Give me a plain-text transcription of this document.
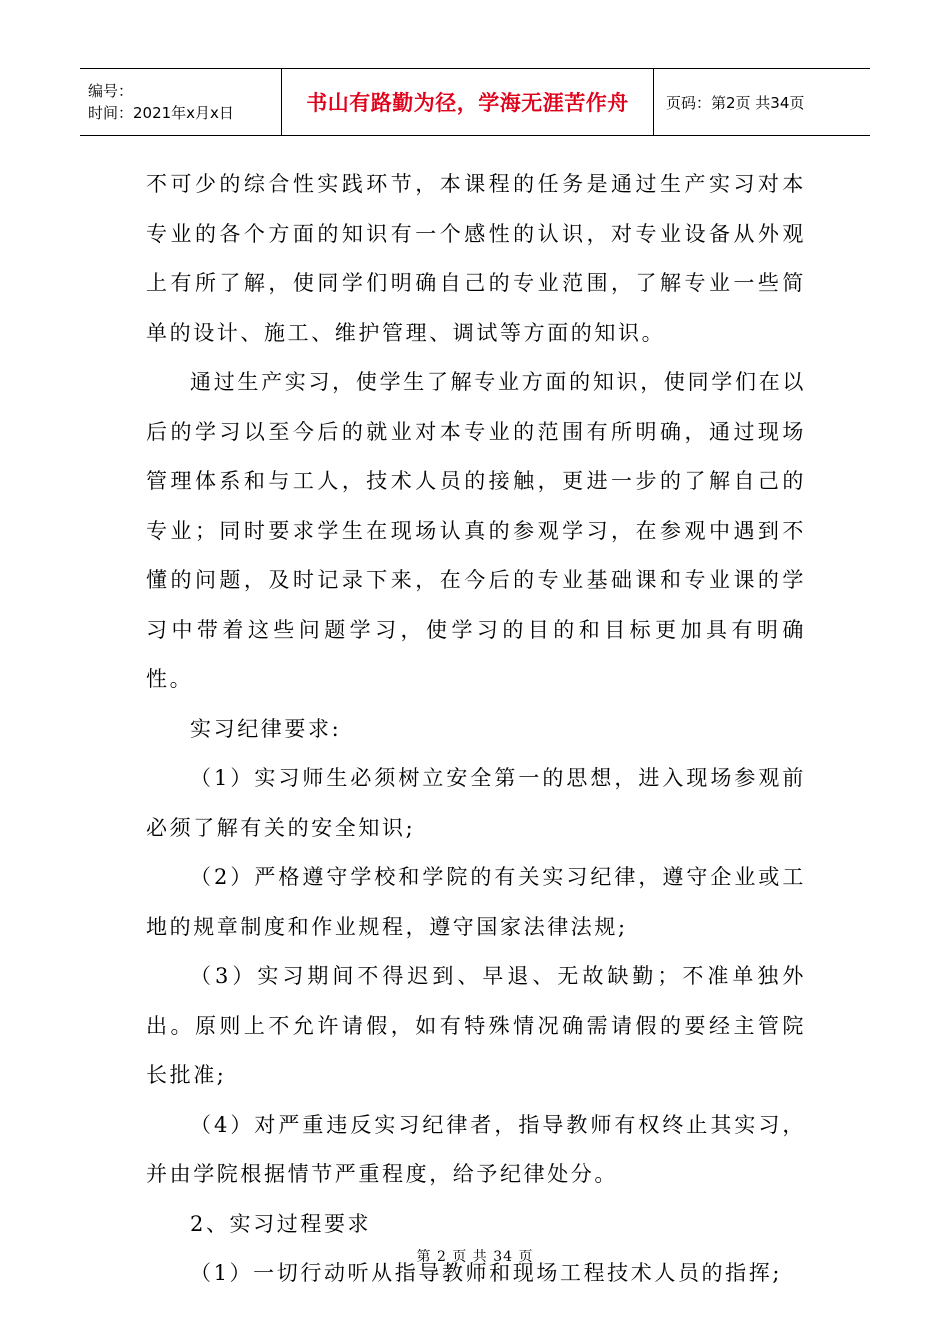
编号：
时间：2021年x月x日	书山有路勤为径，学海无涯苦作舟 页码：第2页 共34页

不可少的综合性实践环节，本课程的任务是通过生产实习对本专业的各个方面的知识有一个感性的认识，对专业设备从外观上有所了解，使同学们明确自己的专业范围，了解专业一些简单的设计、施工、维护管理、调试等方面的知识。

通过生产实习，使学生了解专业方面的知识，使同学们在以后的学习以至今后的就业对本专业的范围有所明确，通过现场管理体系和与工人，技术人员的接触，更进一步的了解自己的专业；同时要求学生在现场认真的参观学习，在参观中遇到不懂的问题，及时记录下来，在今后的专业基础课和专业课的学习中带着这些问题学习，使学习的目的和目标更加具有明确性。

实习纪律要求:

（1）实习师生必须树立安全第一的思想，进入现场参观前必须了解有关的安全知识;

（2）严格遵守学校和学院的有关实习纪律，遵守企业或工地的规章制度和作业规程，遵守国家法律法规;

（3）实习期间不得迟到、早退、无故缺勤；不准单独外出。原则上不允许请假，如有特殊情况确需请假的要经主管院长批准;

（4）对严重违反实习纪律者，指导教师有权终止其实习，并由学院根据情节严重程度，给予纪律处分。

2、实习过程要求

（1）一切行动听从指导教师和现场工程技术人员的指挥;

第 2 页 共 34 页
